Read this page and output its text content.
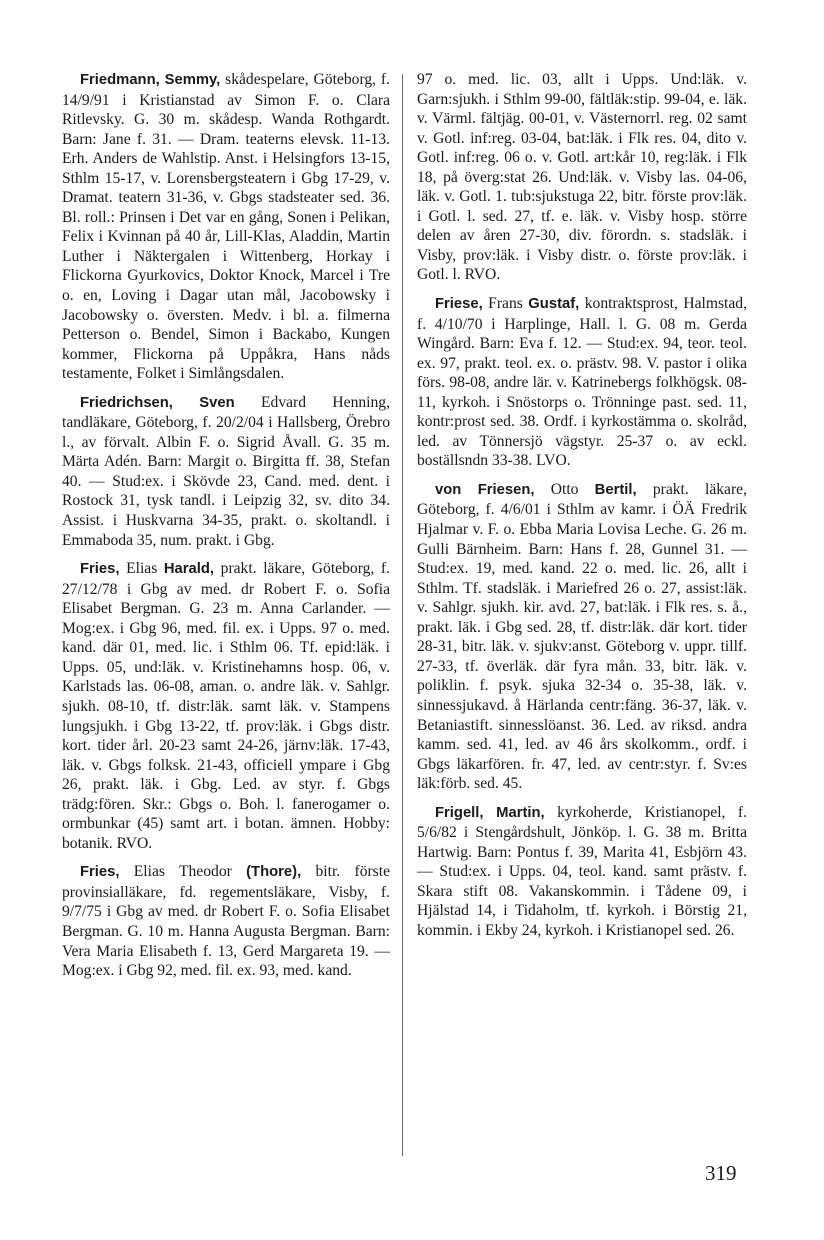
Friedmann, Semmy, skådespelare, Göteborg, f. 14/9/91 i Kristianstad av Simon F. o. Clara Ritlevsky. G. 30 m. skådesp. Wanda Rothgardt. Barn: Jane f. 31. — Dram. teaterns elevsk. 11-13. Erh. Anders de Wahlstip. Anst. i Helsingfors 13-15, Sthlm 15-17, v. Lorensbergsteatern i Gbg 17-29, v. Dramat. teatern 31-36, v. Gbgs stadsteater sed. 36. Bl. roll.: Prinsen i Det var en gång, Sonen i Pelikan, Felix i Kvinnan på 40 år, Lill-Klas, Aladdin, Martin Luther i Näktergalen i Wittenberg, Horkay i Flickorna Gyurkovics, Doktor Knock, Marcel i Tre o. en, Loving i Dagar utan mål, Jacobowsky i Jacobowsky o. översten. Medv. i bl. a. filmerna Petterson o. Bendel, Simon i Backabo, Kungen kommer, Flickorna på Uppåkra, Hans nåds testamente, Folket i Simlångsdalen.

Friedrichsen, Sven Edvard Henning, tandläkare, Göteborg, f. 20/2/04 i Hallsberg, Örebro l., av förvalt. Albin F. o. Sigrid Åvall. G. 35 m. Märta Adén. Barn: Margit o. Birgitta ff. 38, Stefan 40. — Stud:ex. i Skövde 23, Cand. med. dent. i Rostock 31, tysk tandl. i Leipzig 32, sv. dito 34. Assist. i Huskvarna 34-35, prakt. o. skoltandl. i Emmaboda 35, num. prakt. i Gbg.

Fries, Elias Harald, prakt. läkare, Göteborg, f. 27/12/78 i Gbg av med. dr Robert F. o. Sofia Elisabet Bergman. G. 23 m. Anna Carlander. — Mog:ex. i Gbg 96, med. fil. ex. i Upps. 97 o. med. kand. där 01, med. lic. i Sthlm 06. Tf. epid:läk. i Upps. 05, und:läk. v. Kristinehamns hosp. 06, v. Karlstads las. 06-08, aman. o. andre läk. v. Sahlgr. sjukh. 08-10, tf. distr:läk. samt läk. v. Stampens lungsjukh. i Gbg 13-22, tf. prov:läk. i Gbgs distr. kort. tider årl. 20-23 samt 24-26, järnv:läk. 17-43, läk. v. Gbgs folksk. 21-43, officiell ympare i Gbg 26, prakt. läk. i Gbg. Led. av styr. f. Gbgs trädg:fören. Skr.: Gbgs o. Boh. l. fanerogamer o. ormbunkar (45) samt art. i botan. ämnen. Hobby: botanik. RVO.

Fries, Elias Theodor (Thore), bitr. förste provinsialläkare, fd. regementsläkare, Visby, f. 9/7/75 i Gbg av med. dr Robert F. o. Sofia Elisabet Bergman. G. 10 m. Hanna Augusta Bergman. Barn: Vera Maria Elisabeth f. 13, Gerd Margareta 19. — Mog:ex. i Gbg 92, med. fil. ex. 93, med. kand.

97 o. med. lic. 03, allt i Upps. Und:läk. v. Garn:sjukh. i Sthlm 99-00, fältläk:stip. 99-04, e. läk. v. Värml. fältjäg. 00-01, v. Västernorrl. reg. 02 samt v. Gotl. inf:reg. 03-04, bat:läk. i Flk res. 04, dito v. Gotl. inf:reg. 06 o. v. Gotl. art:kår 10, reg:läk. i Flk 18, på överg:stat 26. Und:läk. v. Visby las. 04-06, läk. v. Gotl. 1. tub:sjukstuga 22, bitr. förste prov:läk. i Gotl. l. sed. 27, tf. e. läk. v. Visby hosp. större delen av åren 27-30, div. förordn. s. stadsläk. i Visby, prov:läk. i Visby distr. o. förste prov:läk. i Gotl. l. RVO.

Friese, Frans Gustaf, kontraktsprost, Halmstad, f. 4/10/70 i Harplinge, Hall. l. G. 08 m. Gerda Wingård. Barn: Eva f. 12. — Stud:ex. 94, teor. teol. ex. 97, prakt. teol. ex. o. prästv. 98. V. pastor i olika förs. 98-08, andre lär. v. Katrinebergs folkhögsk. 08-11, kyrkoh. i Snöstorps o. Trönninge past. sed. 11, kontr:prost sed. 38. Ordf. i kyrkostämma o. skolråd, led. av Tönnersjö vägstyr. 25-37 o. av eckl. boställsndn 33-38. LVO.

von Friesen, Otto Bertil, prakt. läkare, Göteborg, f. 4/6/01 i Sthlm av kamr. i ÖÄ Fredrik Hjalmar v. F. o. Ebba Maria Lovisa Leche. G. 26 m. Gulli Bärnheim. Barn: Hans f. 28, Gunnel 31. — Stud:ex. 19, med. kand. 22 o. med. lic. 26, allt i Sthlm. Tf. stadsläk. i Mariefred 26 o. 27, assist:läk. v. Sahlgr. sjukh. kir. avd. 27, bat:läk. i Flk res. s. å., prakt. läk. i Gbg sed. 28, tf. distr:läk. där kort. tider 28-31, bitr. läk. v. sjukv:anst. Göteborg v. uppr. tillf. 27-33, tf. överläk. där fyra mån. 33, bitr. läk. v. poliklin. f. psyk. sjuka 32-34 o. 35-38, läk. v. sinnessjukavd. å Härlanda centr:fäng. 36-37, läk. v. Betaniastift. sinnesslöanst. 36. Led. av riksd. andra kamm. sed. 41, led. av 46 års skolkomm., ordf. i Gbgs läkarfören. fr. 47, led. av centr:styr. f. Sv:es läk:förb. sed. 45.

Frigell, Martin, kyrkoherde, Kristianopel, f. 5/6/82 i Stengårdshult, Jönköp. l. G. 38 m. Britta Hartwig. Barn: Pontus f. 39, Marita 41, Esbjörn 43. — Stud:ex. i Upps. 04, teol. kand. samt prästv. f. Skara stift 08. Vakanskommin. i Tådene 09, i Hjälstad 14, i Tidaholm, tf. kyrkoh. i Börstig 21, kommin. i Ekby 24, kyrkoh. i Kristianopel sed. 26.

319
